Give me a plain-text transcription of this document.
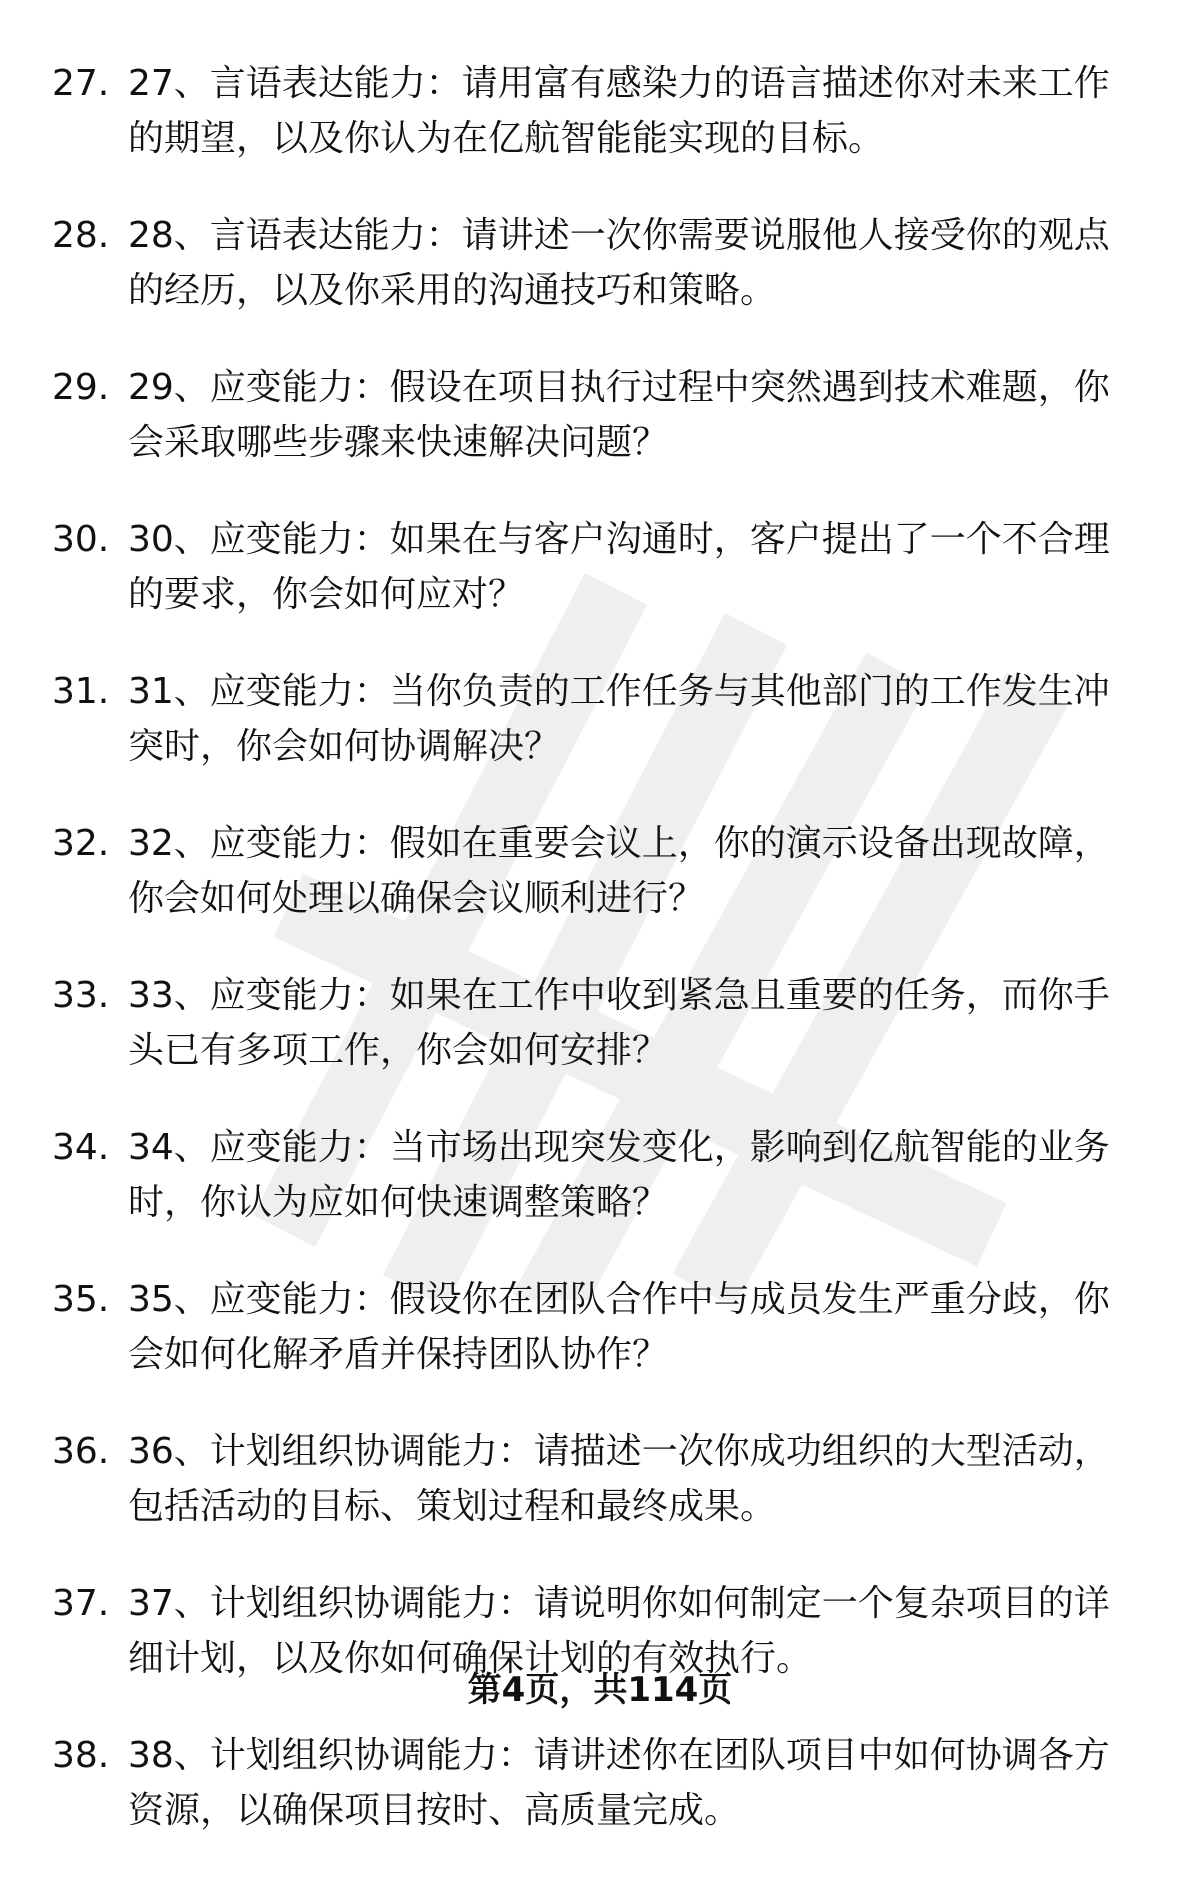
27. 27、言语表达能力：请用富有感染力的语言描述你对未来工作的期望，以及你认为在亿航智能能实现的目标。
28. 28、言语表达能力：请讲述一次你需要说服他人接受你的观点的经历，以及你采用的沟通技巧和策略。
29. 29、应变能力：假设在项目执行过程中突然遇到技术难题，你会采取哪些步骤来快速解决问题？
30. 30、应变能力：如果在与客户沟通时，客户提出了一个不合理的要求，你会如何应对？
31. 31、应变能力：当你负责的工作任务与其他部门的工作发生冲突时，你会如何协调解决？
32. 32、应变能力：假如在重要会议上，你的演示设备出现故障，你会如何处理以确保会议顺利进行？
33. 33、应变能力：如果在工作中收到紧急且重要的任务，而你手头已有多项工作，你会如何安排？
34. 34、应变能力：当市场出现突发变化，影响到亿航智能的业务时，你认为应如何快速调整策略？
35. 35、应变能力：假设你在团队合作中与成员发生严重分歧，你会如何化解矛盾并保持团队协作？
36. 36、计划组织协调能力：请描述一次你成功组织的大型活动，包括活动的目标、策划过程和最终成果。
37. 37、计划组织协调能力：请说明你如何制定一个复杂项目的详细计划，以及你如何确保计划的有效执行。
38. 38、计划组织协调能力：请讲述你在团队项目中如何协调各方资源，以确保项目按时、高质量完成。
第4页，共114页
